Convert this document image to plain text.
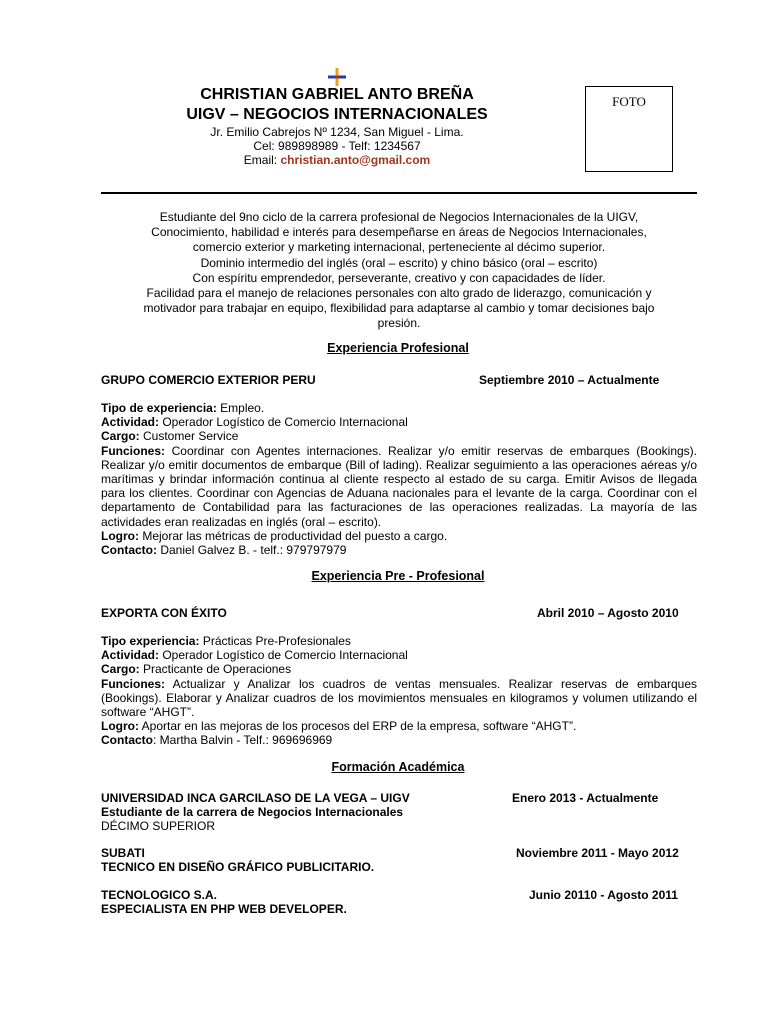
CHRISTIAN GABRIEL ANTO BREÑA
UIGV – NEGOCIOS INTERNACIONALES
Jr. Emilio Cabrejos Nº 1234, San Miguel - Lima.
Cel: 989898989 - Telf: 1234567
Email: christian.anto@gmail.com
FOTO

Estudiante del 9no ciclo de la carrera profesional de Negocios Internacionales de la UIGV,

Conocimiento, habilidad e interés para desempeñarse en áreas de Negocios Internacionales,

comercio exterior y marketing internacional, perteneciente al décimo superior.

Dominio intermedio del inglés (oral – escrito) y chino básico (oral – escrito)

Con espíritu emprendedor, perseverante, creativo y con capacidades de líder.

Facilidad para el manejo de relaciones personales con alto grado de liderazgo, comunicación y

motivador para trabajar en equipo, flexibilidad para adaptarse al cambio y tomar decisiones bajo

presión.

Experiencia Profesional
GRUPO COMERCIO EXTERIOR PERU	Septiembre 2010 – Actualmente

Tipo de experiencia: Empleo.

Actividad: Operador Logístico de Comercio Internacional

Cargo: Customer Service

Funciones: Coordinar con Agentes internaciones. Realizar y/o emitir reservas de embarques (Bookings). Realizar y/o emitir documentos de embarque (Bill of lading). Realizar seguimiento a las operaciones aéreas y/o marítimas y brindar información continua al cliente respecto al estado de su carga. Emitir Avisos de llegada para los clientes. Coordinar con Agencias de Aduana nacionales para el levante de la carga. Coordinar con el departamento de Contabilidad para las facturaciones de las operaciones realizadas. La mayoría de las actividades eran realizadas en inglés (oral – escrito).

Logro: Mejorar las métricas de productividad del puesto a cargo.

Contacto: Daniel Galvez B. - telf.: 979797979

Experiencia Pre - Profesional
EXPORTA CON ÉXITO	Abril 2010 – Agosto 2010

Tipo experiencia: Prácticas Pre-Profesionales

Actividad: Operador Logístico de Comercio Internacional

Cargo: Practicante de Operaciones

Funciones: Actualizar y Analizar los cuadros de ventas mensuales. Realizar reservas de embarques (Bookings). Elaborar y Analizar cuadros de los movimientos mensuales en kilogramos y volumen utilizando el software “AHGT”.

Logro: Aportar en las mejoras de los procesos del ERP de la empresa, software “AHGT”.

Contacto: Martha Balvin - Telf.: 969696969

Formación Académica
UNIVERSIDAD INCA GARCILASO DE LA VEGA – UIGV	Enero 2013 - Actualmente
Estudiante de la carrera de Negocios Internacionales
DÉCIMO SUPERIOR
SUBATI	Noviembre 2011 - Mayo 2012
TECNICO EN DISEÑO GRÁFICO PUBLICITARIO.
TECNOLOGICO S.A.	Junio 20110 - Agosto 2011
ESPECIALISTA EN PHP WEB DEVELOPER.
